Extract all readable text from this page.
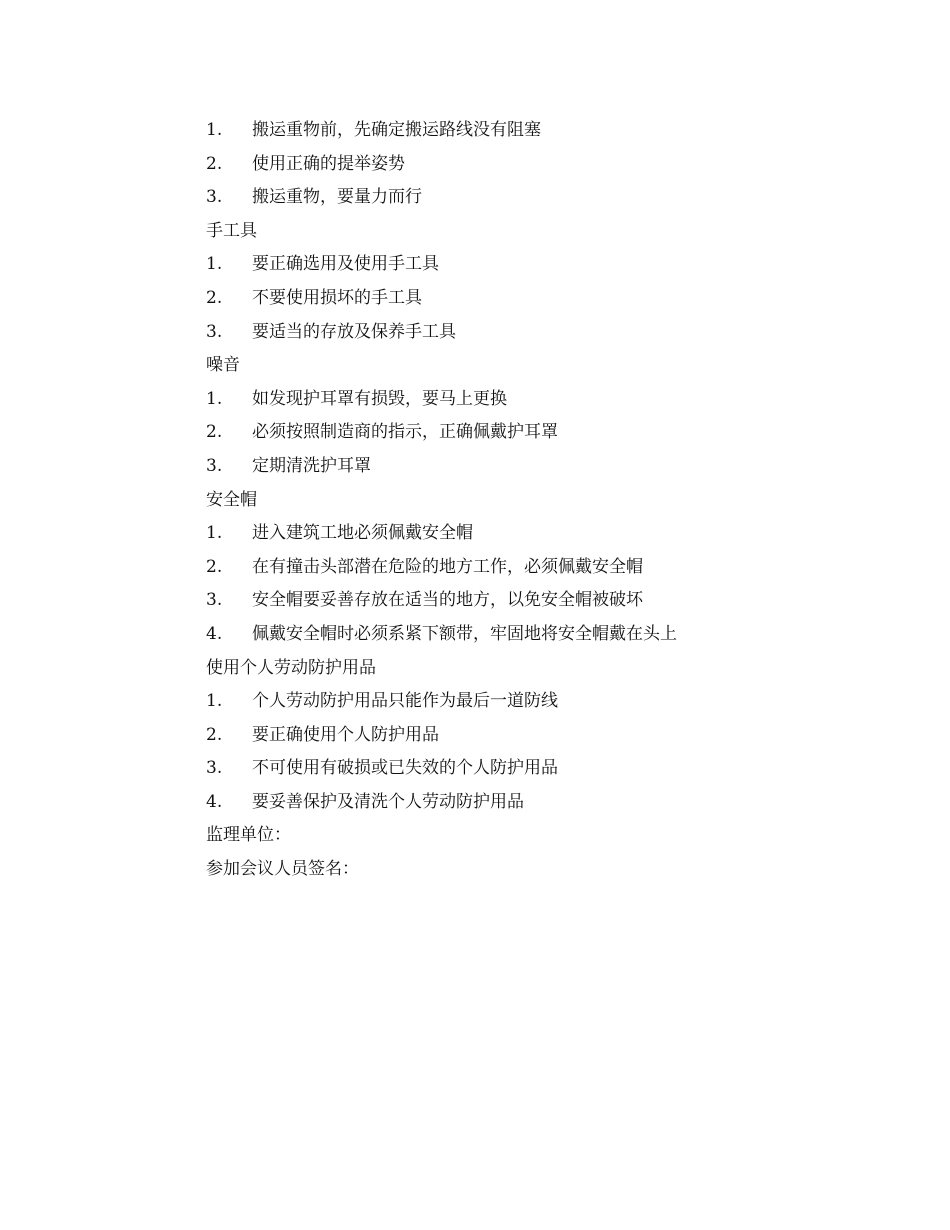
1. 搬运重物前，先确定搬运路线没有阻塞
2. 使用正确的提举姿势
3. 搬运重物，要量力而行
手工具
1. 要正确选用及使用手工具
2. 不要使用损坏的手工具
3. 要适当的存放及保养手工具
噪音
1. 如发现护耳罩有损毁，要马上更换
2. 必须按照制造商的指示，正确佩戴护耳罩
3. 定期清洗护耳罩
安全帽
1. 进入建筑工地必须佩戴安全帽
2. 在有撞击头部潜在危险的地方工作，必须佩戴安全帽
3. 安全帽要妥善存放在适当的地方，以免安全帽被破坏
4. 佩戴安全帽时必须系紧下额带，牢固地将安全帽戴在头上
使用个人劳动防护用品
1. 个人劳动防护用品只能作为最后一道防线
2. 要正确使用个人防护用品
3. 不可使用有破损或已失效的个人防护用品
4. 要妥善保护及清洗个人劳动防护用品
监理单位：
参加会议人员签名：
